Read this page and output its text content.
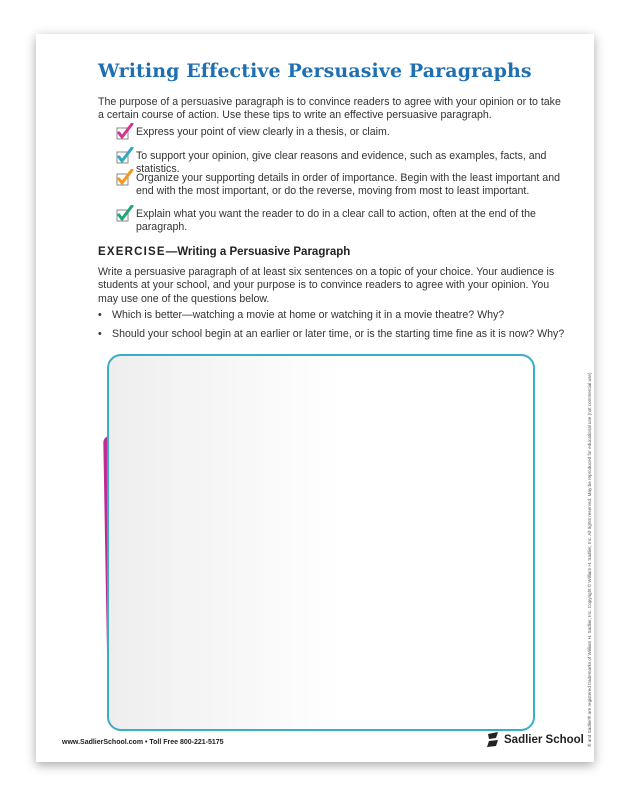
Writing Effective Persuasive Paragraphs
The purpose of a persuasive paragraph is to convince readers to agree with your opinion or to take a certain course of action. Use these tips to write an effective persuasive paragraph.
Express your point of view clearly in a thesis, or claim.
To support your opinion, give clear reasons and evidence, such as examples, facts, and statistics.
Organize your supporting details in order of importance. Begin with the least important and end with the most important, or do the reverse, moving from most to least important.
Explain what you want the reader to do in a clear call to action, often at the end of the paragraph.
EXERCISE—Writing a Persuasive Paragraph
Write a persuasive paragraph of at least six sentences on a topic of your choice. Your audience is students at your school, and your purpose is to convince readers to agree with your opinion. You may use one of the questions below.
• Which is better—watching a movie at home or watching it in a movie theatre? Why?
• Should your school begin at an earlier or later time, or is the starting time fine as it is now? Why?
www.SadlierSchool.com • Toll Free 800-221-5175	Sadlier School ® and Sadlier® are registered trademarks of William H. Sadlier, Inc. Copyright © William H. Sadlier, Inc. All rights reserved. May be reproduced for educational use (not commercial use)
